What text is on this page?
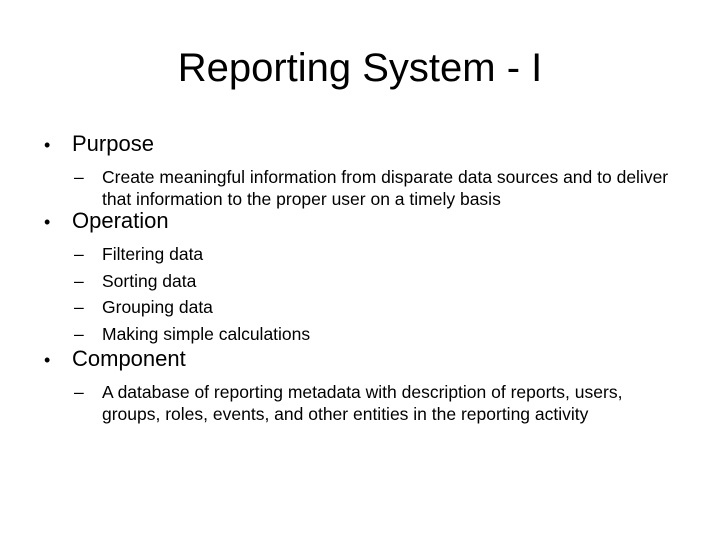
Reporting System - I
• Purpose
–	Create meaningful information from disparate data sources and to deliver that information to the proper user on a timely basis
• Operation
–	Filtering data
–	Sorting data
–	Grouping data
–	Making simple calculations
• Component
–	A database of reporting metadata with description of reports, users, groups, roles, events, and other entities in the reporting activity
